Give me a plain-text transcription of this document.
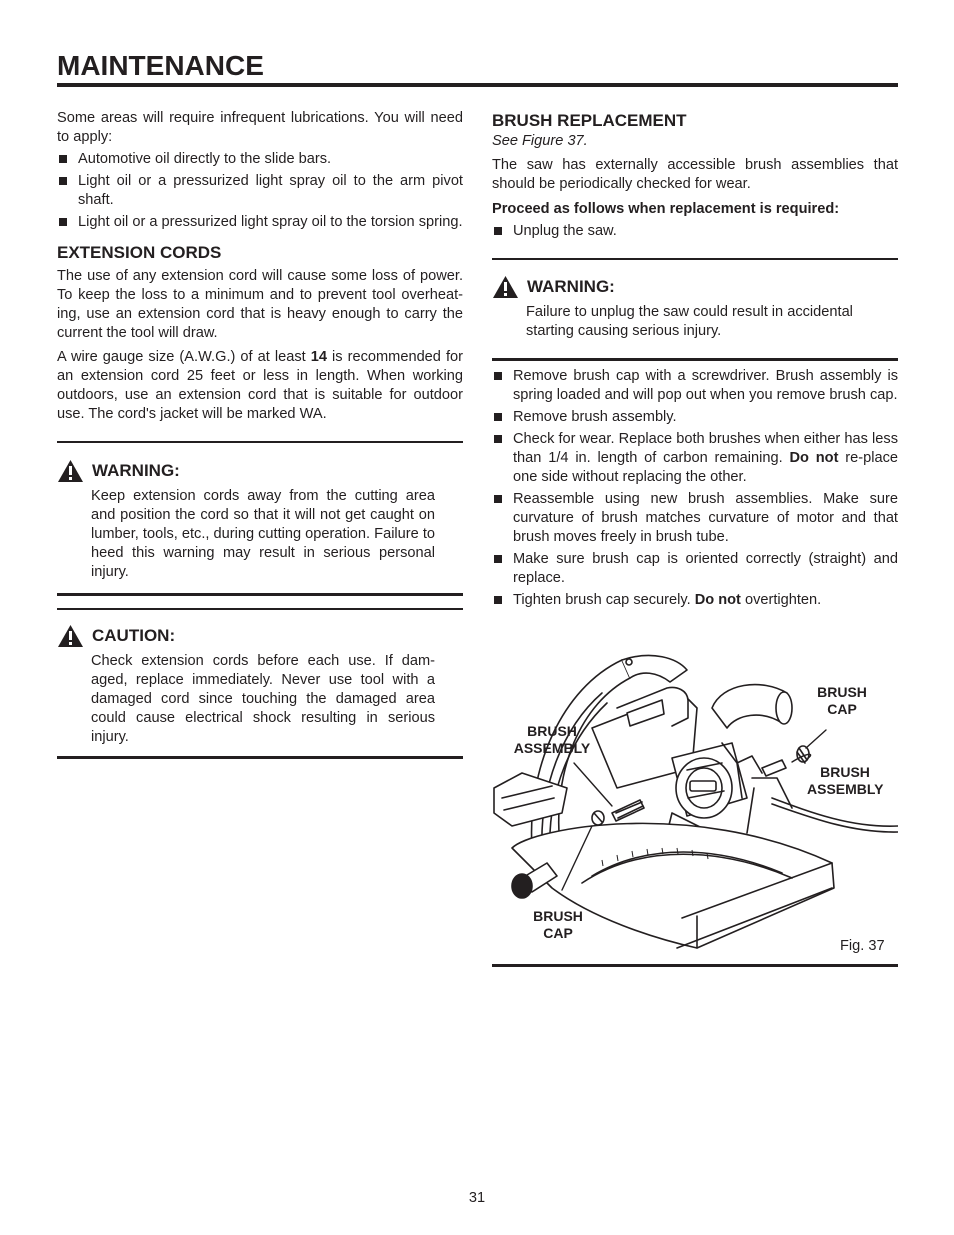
MAINTENANCE

Some areas will require infrequent lubrications. You will need to apply:

Automotive oil directly to the slide bars.
Light oil or a pressurized light spray oil to the arm pivot shaft.
Light oil or a pressurized light spray oil to the torsion spring.
EXTENSION CORDS

The use of any extension cord will cause some loss of power. To keep the loss to a minimum and to prevent tool overheat-ing, use an extension cord that is heavy enough to carry the current the tool will draw.

A wire gauge size (A.W.G.) of at least 14 is recommended for an extension cord 25 feet or less in length. When working outdoors, use an extension cord that is suitable for outdoor use. The cord's jacket will be marked WA.

WARNING:

Keep extension cords away from the cutting area and position the cord so that it will not get caught on lumber, tools, etc., during cutting operation. Failure to heed this warning may result in serious personal injury.

CAUTION:

Check extension cords before each use. If dam-aged, replace immediately. Never use tool with a damaged cord since touching the damaged area could cause electrical shock resulting in serious injury.

BRUSH REPLACEMENT

See Figure 37.

The saw has externally accessible brush assemblies that should be periodically checked for wear.

Proceed as follows when replacement is required:

Unplug the saw.
WARNING:

Failure to unplug the saw could result in accidental starting causing serious injury.

Remove brush cap with a screwdriver. Brush assembly is spring loaded and will pop out when you remove brush cap.
Remove brush assembly.
Check for wear. Replace both brushes when either has less than 1/4 in. length of carbon remaining. Do not re-place one side without replacing the other.
Reassemble using new brush assemblies. Make sure curvature of brush matches curvature of motor and that brush moves freely in brush tube.
Make sure brush cap is oriented correctly (straight) and replace.
Tighten brush cap securely. Do not overtighten.
BRUSH CAP
BRUSH ASSEMBLY
BRUSH ASSEMBLY
BRUSH CAP
Fig. 37
31
